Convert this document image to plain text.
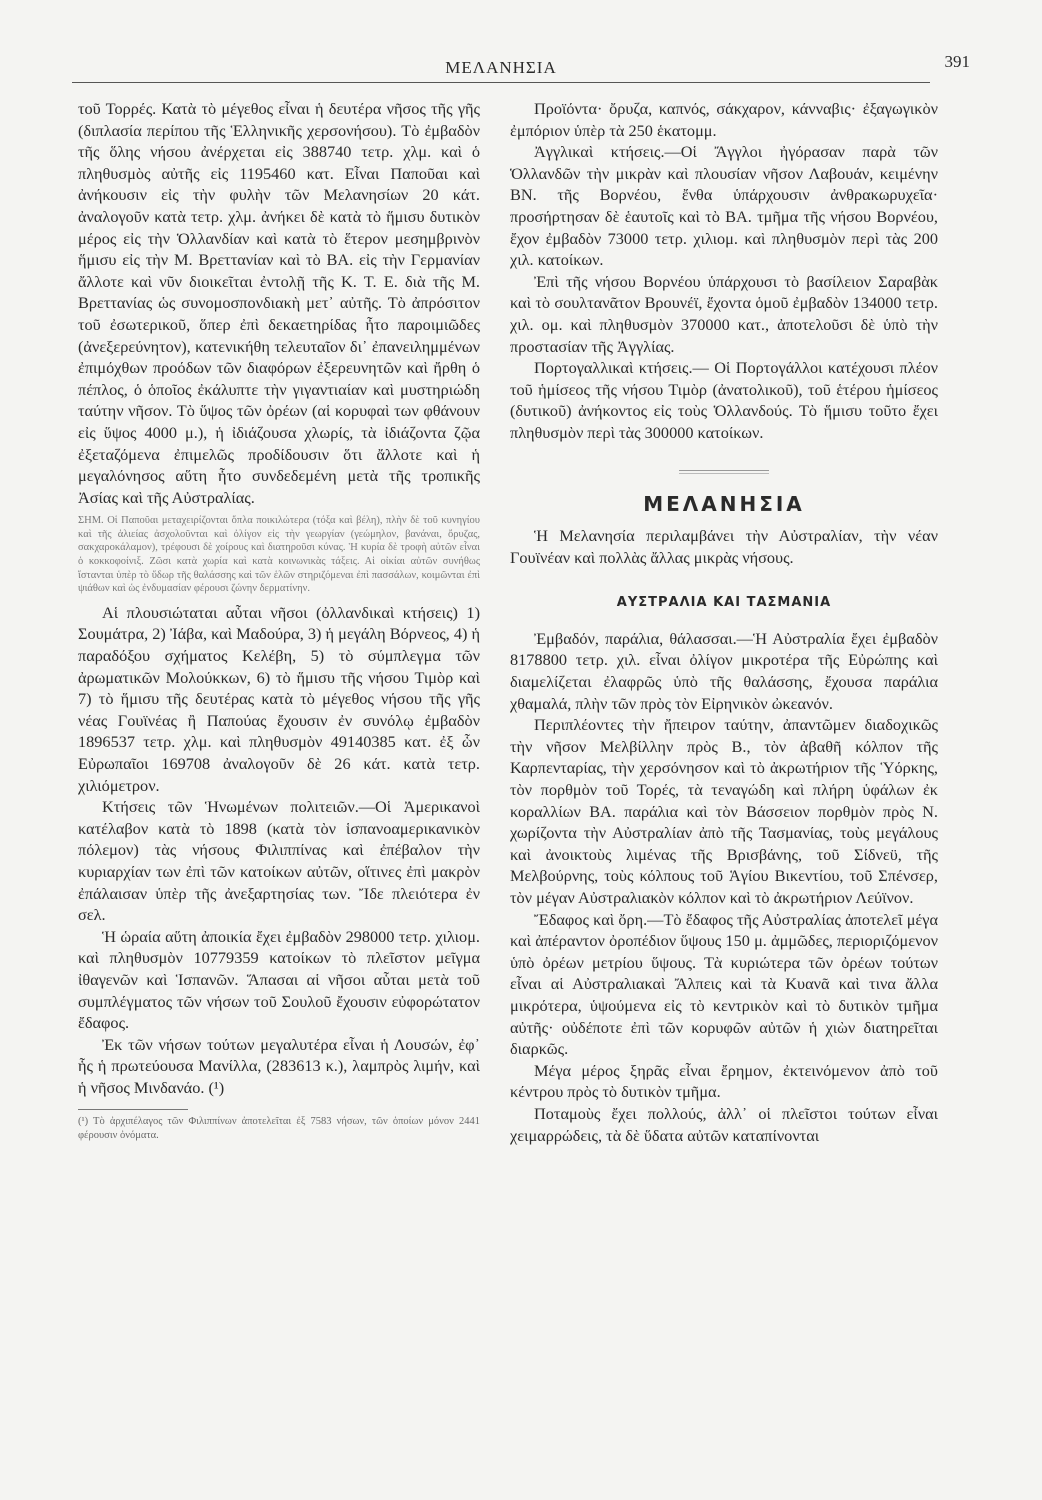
ΜΕΛΑΝΗΣΙΑ	391

τοῦ Τορρές. Κατὰ τὸ μέγεθος εἶναι ἡ δευτέρα νῆσος τῆς γῆς (διπλασία περίπου τῆς Ἑλληνικῆς χερσονήσου). Τὸ ἐμβαδὸν τῆς ὅλης νήσου ἀνέρχεται εἰς 388740 τετρ. χλμ. καὶ ὁ πληθυσμὸς αὐτῆς εἰς 1195460 κατ. Εἶναι Παποῦαι καὶ ἀνήκουσιν εἰς τὴν φυλὴν τῶν Μελανησίων 20 κάτ. ἀναλογοῦν κατὰ τετρ. χλμ. ἀνήκει δὲ κατὰ τὸ ἥμισυ δυτικὸν μέρος εἰς τὴν Ὁλλανδίαν καὶ κατὰ τὸ ἕτερον μεσημβρινὸν ἥμισυ εἰς τὴν Μ. Βρεττανίαν καὶ τὸ ΒΑ. εἰς τὴν Γερμανίαν ἄλλοτε καὶ νῦν διοικεῖται ἐντολῇ τῆς Κ. Τ. Ε. διὰ τῆς Μ. Βρεττανίας ὡς συνομοσπονδιακὴ μετ᾽ αὐτῆς. Τὸ ἀπρόσιτον τοῦ ἐσωτερικοῦ, ὅπερ ἐπὶ δεκαετηρίδας ἦτο παροιμιῶδες (ἀνεξερεύνητον), κατενικήθη τελευταῖον δι᾽ ἐπανειλημμένων ἐπιμόχθων προόδων τῶν διαφόρων ἐξερευνητῶν καὶ ἤρθη ὁ πέπλος, ὁ ὁποῖος ἐκάλυπτε τὴν γιγαντιαίαν καὶ μυστηριώδη ταύτην νῆσον. Τὸ ὕψος τῶν ὀρέων (αἱ κορυφαὶ των φθάνουν εἰς ὕψος 4000 μ.), ἡ ἰδιάζουσα χλωρίς, τὰ ἰδιάζοντα ζῷα ἐξεταζόμενα ἐπιμελῶς προδίδουσιν ὅτι ἄλλοτε καὶ ἡ μεγαλόνησος αὕτη ἦτο συνδεδεμένη μετὰ τῆς τροπικῆς Ἀσίας καὶ τῆς Αὐστραλίας.

ΣΗΜ. Οἱ Παποῦαι μεταχειρίζονται ὅπλα ποικιλώτερα (τόξα καὶ βέλη), πλὴν δὲ τοῦ κυνηγίου καὶ τῆς ἁλιείας ἀσχολοῦνται καὶ ὀλίγον εἰς τὴν γεωργίαν (γεώμηλον, βανάναι, ὄρυζας, σακχαροκάλαμον), τρέφουσι δὲ χοίρους καὶ διατηροῦσι κύνας. Ἡ κυρία δὲ τροφὴ αὐτῶν εἶναι ὁ κοκκοφοίνιξ. Ζῶσι κατὰ χωρία καὶ κατὰ κοινωνικὰς τάξεις. Αἱ οἰκίαι αὐτῶν συνήθως ἵστανται ὑπὲρ τὸ ὕδωρ τῆς θαλάσσης καὶ τῶν ἑλῶν στηριζόμεναι ἐπὶ πασσάλων, κοιμῶνται ἐπὶ ψιάθων καὶ ὡς ἐνδυμασίαν φέρουσι ζώνην δερματίνην.

Αἱ πλουσιώταται αὗται νῆσοι (ὀλλανδικαὶ κτήσεις) 1) Σουμάτρα, 2) Ἰάβα, καὶ Μαδούρα, 3) ἡ μεγάλη Βόρνεος, 4) ἡ παραδόξου σχήματος Κελέβη, 5) τὸ σύμπλεγμα τῶν ἀρωματικῶν Μολούκκων, 6) τὸ ἥμισυ τῆς νήσου Τιμὸρ καὶ 7) τὸ ἥμισυ τῆς δευτέρας κατὰ τὸ μέγεθος νήσου τῆς γῆς νέας Γουϊνέας ἢ Παπούας ἔχουσιν ἐν συνόλῳ ἐμβαδὸν 1896537 τετρ. χλμ. καὶ πληθυσμὸν 49140385 κατ. ἐξ ὧν Εὐρωπαῖοι 169708 ἀναλογοῦν δὲ 26 κάτ. κατὰ τετρ. χιλιόμετρον.

Κτήσεις τῶν Ἡνωμένων πολιτειῶν.—Οἱ Ἀμερικανοὶ κατέλαβον κατὰ τὸ 1898 (κατὰ τὸν ἱσπανοαμερικανικὸν πόλεμον) τὰς νήσους Φιλιππίνας καὶ ἐπέβαλον τὴν κυριαρχίαν των ἐπὶ τῶν κατοίκων αὐτῶν, οἵτινες ἐπὶ μακρὸν ἐπάλαισαν ὑπὲρ τῆς ἀνεξαρτησίας των. Ἴδε πλειότερα ἐν σελ.

Ἡ ὡραία αὕτη ἀποικία ἔχει ἐμβαδὸν 298000 τετρ. χιλιομ. καὶ πληθυσμὸν 10779359 κατοίκων τὸ πλεῖστον μεῖγμα ἰθαγενῶν καὶ Ἱσπανῶν. Ἅπασαι αἱ νῆσοι αὗται μετὰ τοῦ συμπλέγματος τῶν νήσων τοῦ Σουλοῦ ἔχουσιν εὐφορώτατον ἔδαφος.

Ἐκ τῶν νήσων τούτων μεγαλυτέρα εἶναι ἡ Λουσών, ἐφ᾽ ἧς ἡ πρωτεύουσα Μανίλλα, (283613 κ.), λαμπρὸς λιμήν, καὶ ἡ νῆσος Μινδανάο. (¹)

(¹) Τὸ ἀρχιπέλαγος τῶν Φιλιππίνων ἀποτελεῖται ἐξ 7583 νήσων, τῶν ὁποίων μόνον 2441 φέρουσιν ὀνόματα.

Προϊόντα· ὄρυζα, καπνός, σάκχαρον, κάνναβις· ἐξαγωγικὸν ἐμπόριον ὑπὲρ τὰ 250 ἑκατομμ.

Ἀγγλικαὶ κτήσεις.—Οἱ Ἄγγλοι ἠγόρασαν παρὰ τῶν Ὁλλανδῶν τὴν μικρὰν καὶ πλουσίαν νῆσον Λαβουάν, κειμένην ΒΝ. τῆς Βορνέου, ἔνθα ὑπάρχουσιν ἀνθρακωρυχεῖα· προσήρτησαν δὲ ἑαυτοῖς καὶ τὸ ΒΑ. τμῆμα τῆς νήσου Βορνέου, ἔχον ἐμβαδὸν 73000 τετρ. χιλιομ. καὶ πληθυσμὸν περὶ τὰς 200 χιλ. κατοίκων.

Ἐπὶ τῆς νήσου Βορνέου ὑπάρχουσι τὸ βασίλειον Σαραβὰκ καὶ τὸ σουλτανᾶτον Βρουνέϊ, ἔχοντα ὁμοῦ ἐμβαδὸν 134000 τετρ. χιλ. ομ. καὶ πληθυσμὸν 370000 κατ., ἀποτελοῦσι δὲ ὑπὸ τὴν προστασίαν τῆς Ἀγγλίας.

Πορτογαλλικαὶ κτήσεις.— Οἱ Πορτογάλλοι κατέχουσι πλέον τοῦ ἡμίσεος τῆς νήσου Τιμὸρ (ἀνατολικοῦ), τοῦ ἑτέρου ἡμίσεος (δυτικοῦ) ἀνήκοντος εἰς τοὺς Ὁλλανδούς. Τὸ ἥμισυ τοῦτο ἔχει πληθυσμὸν περὶ τὰς 300000 κατοίκων.

ΜΕΛΑΝΗΣΙΑ

Ἡ Μελανησία περιλαμβάνει τὴν Αὐστραλίαν, τὴν νέαν Γουϊνέαν καὶ πολλὰς ἄλλας μικρὰς νήσους.

ΑΥΣΤΡΑΛΙΑ ΚΑΙ ΤΑΣΜΑΝΙΑ

Ἐμβαδόν, παράλια, θάλασσαι.—Ἡ Αὐστραλία ἔχει ἐμβαδὸν 8178800 τετρ. χιλ. εἶναι ὀλίγον μικροτέρα τῆς Εὐρώπης καὶ διαμελίζεται ἐλαφρῶς ὑπὸ τῆς θαλάσσης, ἔχουσα παράλια χθαμαλά, πλὴν τῶν πρὸς τὸν Εἰρηνικὸν ὠκεανόν.

Περιπλέοντες τὴν ἤπειρον ταύτην, ἀπαντῶμεν διαδοχικῶς τὴν νῆσον Μελβίλλην πρὸς Β., τὸν ἀβαθῆ κόλπον τῆς Καρπενταρίας, τὴν χερσόνησον καὶ τὸ ἀκρωτήριον τῆς Ὑόρκης, τὸν πορθμὸν τοῦ Τορές, τὰ τεναγώδη καὶ πλήρη ὑφάλων ἐκ κοραλλίων ΒΑ. παράλια καὶ τὸν Βάσσειον πορθμὸν πρὸς Ν. χωρίζοντα τὴν Αὐστραλίαν ἀπὸ τῆς Τασμανίας, τοὺς μεγάλους καὶ ἀνοικτοὺς λιμένας τῆς Βρισβάνης, τοῦ Σίδνεϋ, τῆς Μελβούρνης, τοὺς κόλπους τοῦ Ἁγίου Βικεντίου, τοῦ Σπένσερ, τὸν μέγαν Αὐστραλιακὸν κόλπον καὶ τὸ ἀκρωτήριον Λεύϊνον.

Ἔδαφος καὶ ὄρη.—Τὸ ἔδαφος τῆς Αὐστραλίας ἀποτελεῖ μέγα καὶ ἀπέραντον ὀροπέδιον ὕψους 150 μ. ἀμμῶδες, περιοριζόμενον ὑπὸ ὀρέων μετρίου ὕψους. Τὰ κυριώτερα τῶν ὀρέων τούτων εἶναι αἱ Αὐστραλιακαὶ Ἄλπεις καὶ τὰ Κυανᾶ καὶ τινα ἄλλα μικρότερα, ὑψούμενα εἰς τὸ κεντρικὸν καὶ τὸ δυτικὸν τμῆμα αὐτῆς· οὐδέποτε ἐπὶ τῶν κορυφῶν αὐτῶν ἡ χιὼν διατηρεῖται διαρκῶς.

Μέγα μέρος ξηρᾶς εἶναι ἔρημον, ἐκτεινόμενον ἀπὸ τοῦ κέντρου πρὸς τὸ δυτικὸν τμῆμα.

Ποταμοὺς ἔχει πολλούς, ἀλλ᾽ οἱ πλεῖστοι τούτων εἶναι χειμαρρώδεις, τὰ δὲ ὕδατα αὐτῶν καταπίνονται
